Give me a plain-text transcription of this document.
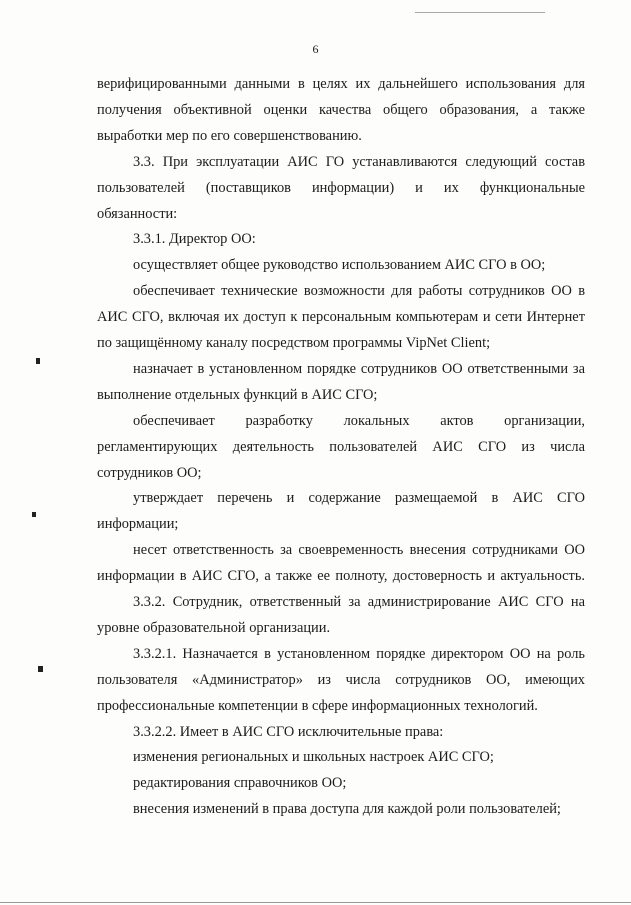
6
верифицированными данными в целях их дальнейшего использования для
получения объективной оценки качества общего образования, а также
выработки мер по его совершенствованию.
3.3. При эксплуатации АИС ГО устанавливаются следующий состав
пользователей (поставщиков информации) и их функциональные
обязанности:
3.3.1. Директор ОО:
осуществляет общее руководство использованием АИС СГО в ОО;
обеспечивает технические возможности для работы сотрудников ОО в
АИС СГО, включая их доступ к персональным компьютерам и сети Интернет
по защищённому каналу посредством программы VipNet Client;
назначает в установленном порядке сотрудников ОО ответственными за
выполнение отдельных функций в АИС СГО;
обеспечивает разработку локальных актов организации,
регламентирующих деятельность пользователей АИС СГО из числа
сотрудников ОО;
утверждает перечень и содержание размещаемой в АИС СГО
информации;
несет ответственность за своевременность внесения сотрудниками ОО
информации в АИС СГО, а также ее полноту, достоверность и актуальность.
3.3.2. Сотрудник, ответственный за администрирование АИС СГО на
уровне образовательной организации.
3.3.2.1. Назначается в установленном порядке директором ОО на роль
пользователя «Администратор» из числа сотрудников ОО, имеющих
профессиональные компетенции в сфере информационных технологий.
3.3.2.2. Имеет в АИС СГО исключительные права:
изменения региональных и школьных настроек АИС СГО;
редактирования справочников ОО;
внесения изменений в права доступа для каждой роли пользователей;
